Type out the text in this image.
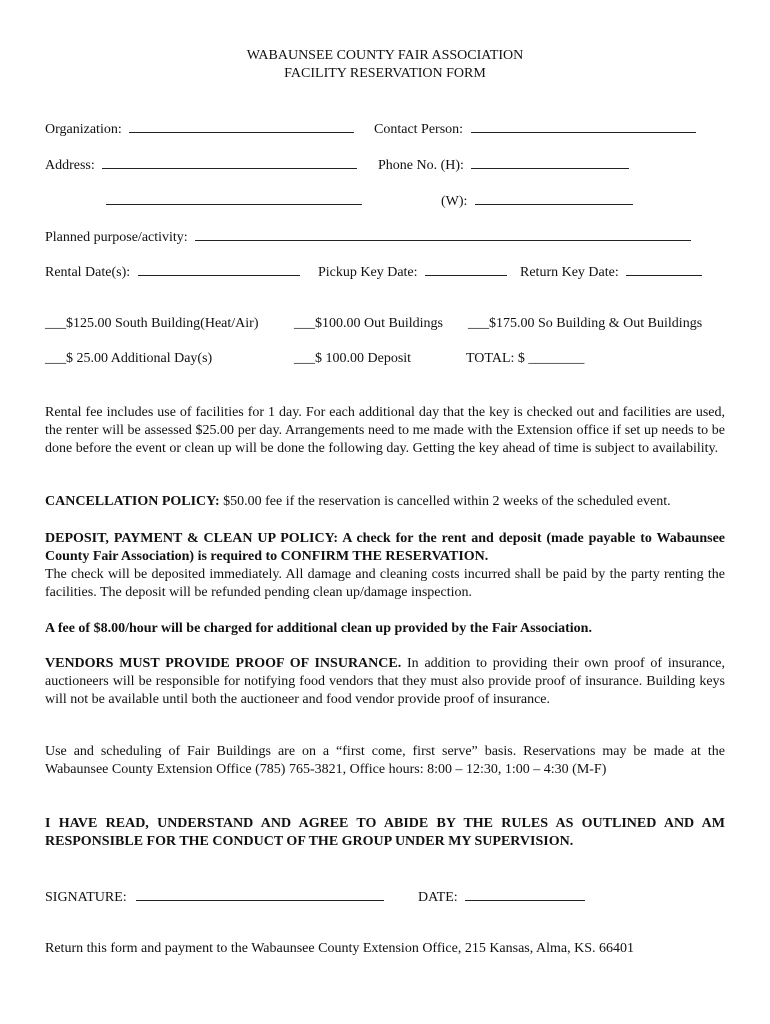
WABAUNSEE COUNTY FAIR ASSOCIATION
FACILITY RESERVATION FORM
Organization:	Contact Person:
Address:	Phone No. (H):
(W):
Planned purpose/activity:
Rental Date(s):	Pickup Key Date:	Return Key Date:
___$125.00 South Building(Heat/Air)	___$100.00 Out Buildings ___$175.00 So Building & Out Buildings
___$ 25.00 Additional Day(s)	___$ 100.00 Deposit	TOTAL: $ ________
Rental fee includes use of facilities for 1 day. For each additional day that the key is checked out and facilities are used, the renter will be assessed $25.00 per day. Arrangements need to me made with the Extension office if set up needs to be done before the event or clean up will be done the following day. Getting the key ahead of time is subject to availability.
CANCELLATION POLICY: $50.00 fee if the reservation is cancelled within 2 weeks of the scheduled event.
DEPOSIT, PAYMENT & CLEAN UP POLICY: A check for the rent and deposit (made payable to Wabaunsee County Fair Association) is required to CONFIRM THE RESERVATION.
The check will be deposited immediately. All damage and cleaning costs incurred shall be paid by the party renting the facilities. The deposit will be refunded pending clean up/damage inspection.
A fee of $8.00/hour will be charged for additional clean up provided by the Fair Association.
VENDORS MUST PROVIDE PROOF OF INSURANCE. In addition to providing their own proof of insurance, auctioneers will be responsible for notifying food vendors that they must also provide proof of insurance. Building keys will not be available until both the auctioneer and food vendor provide proof of insurance.
Use and scheduling of Fair Buildings are on a “first come, first serve” basis. Reservations may be made at the Wabaunsee County Extension Office (785) 765-3821, Office hours: 8:00 – 12:30, 1:00 – 4:30 (M-F)
I HAVE READ, UNDERSTAND AND AGREE TO ABIDE BY THE RULES AS OUTLINED AND AM RESPONSIBLE FOR THE CONDUCT OF THE GROUP UNDER MY SUPERVISION.
SIGNATURE:	DATE:
Return this form and payment to the Wabaunsee County Extension Office, 215 Kansas, Alma, KS. 66401
